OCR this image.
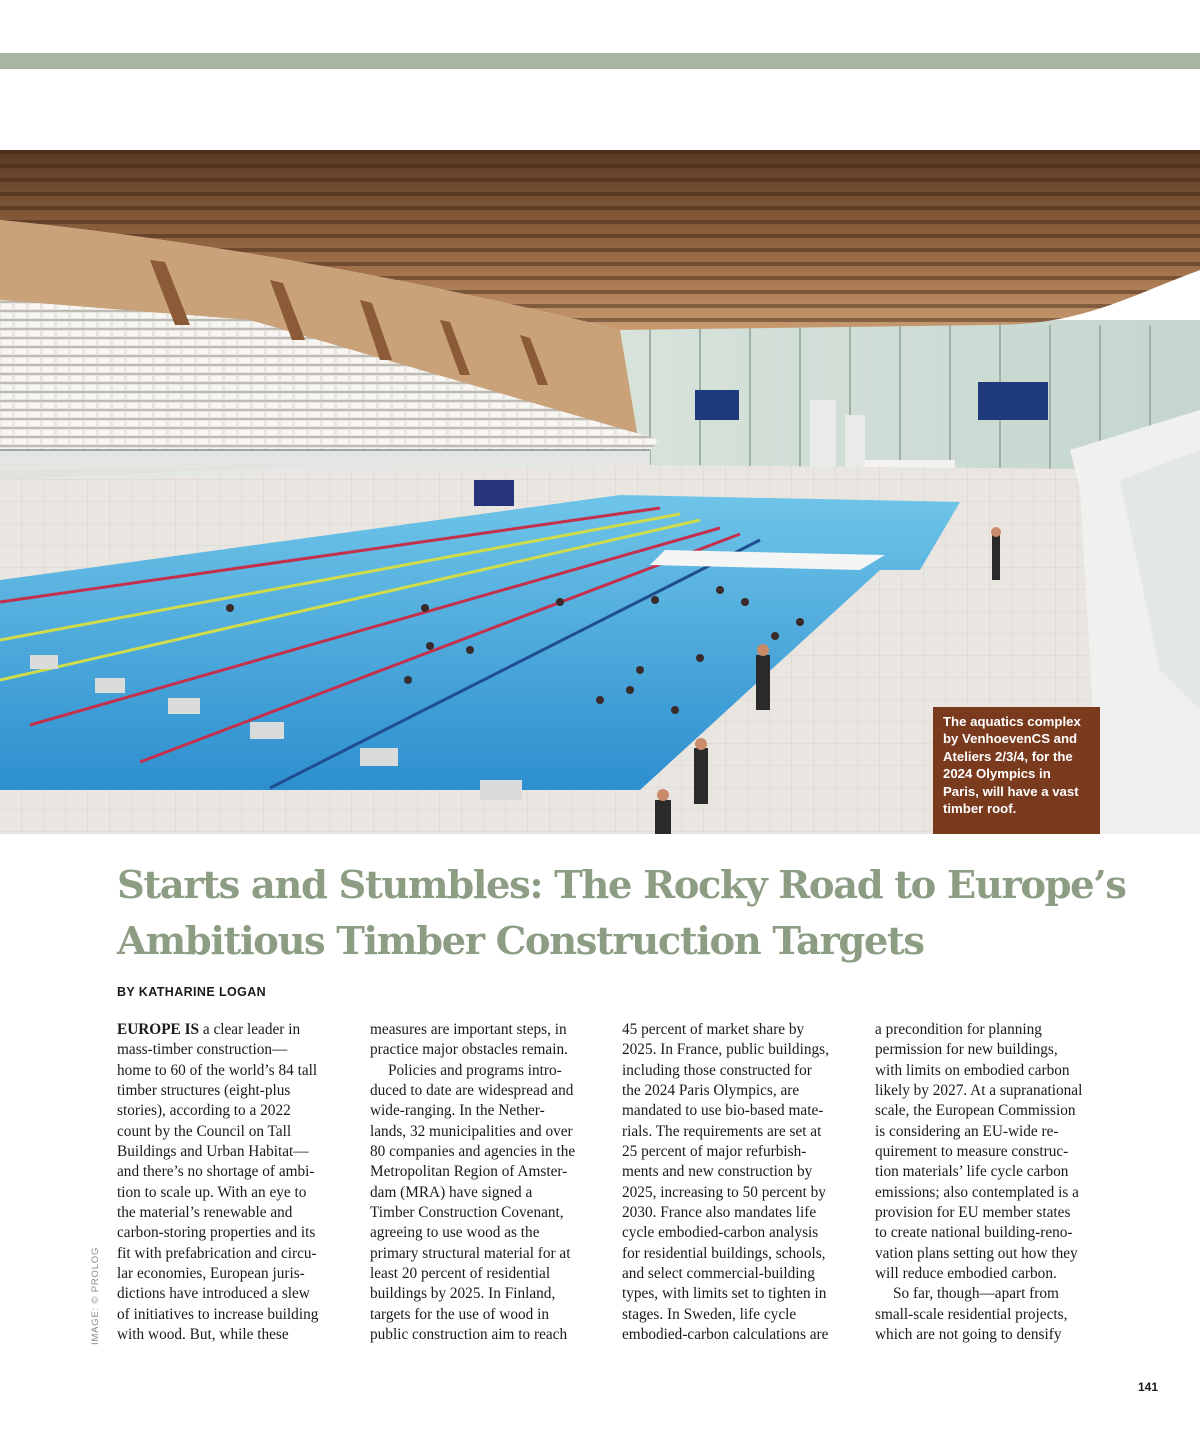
The aquatics complex
by VenhoevenCS and
Ateliers 2/3/4, for the
2024 Olympics in
Paris, will have a vast
timber roof.
Starts and Stumbles: The Rocky Road to Europe’s
Ambitious Timber Construction Targets
BY KATHARINE LOGAN
EUROPE IS a clear leader in
mass-timber construction—
home to 60 of the world’s 84 tall
timber structures (eight-plus
stories), according to a 2022
count by the Council on Tall
Buildings and Urban Habitat—
and there’s no shortage of ambi-
tion to scale up. With an eye to
the material’s renewable and
carbon-storing properties and its
fit with prefabrication and circu-
lar economies, European juris-
dictions have introduced a slew
of initiatives to increase building
with wood. But, while these
measures are important steps, in
practice major obstacles remain.
Policies and programs intro-
duced to date are widespread and
wide-ranging. In the Nether-
lands, 32 municipalities and over
80 companies and agencies in the
Metropolitan Region of Amster-
dam (MRA) have signed a
Timber Construction Covenant,
agreeing to use wood as the
primary structural material for at
least 20 percent of residential
buildings by 2025. In Finland,
targets for the use of wood in
public construction aim to reach
45 percent of market share by
2025. In France, public buildings,
including those constructed for
the 2024 Paris Olympics, are
mandated to use bio-based mate-
rials. The requirements are set at
25 percent of major refurbish-
ments and new construction by
2025, increasing to 50 percent by
2030. France also mandates life
cycle embodied-carbon analysis
for residential buildings, schools,
and select commercial-building
types, with limits set to tighten in
stages. In Sweden, life cycle
embodied-carbon calculations are
a precondition for planning
permission for new buildings,
with limits on embodied carbon
likely by 2027. At a supranational
scale, the European Commission
is considering an EU-wide re-
quirement to measure construc-
tion materials’ life cycle carbon
emissions; also contemplated is a
provision for EU member states
to create national building-reno-
vation plans setting out how they
will reduce embodied carbon.
So far, though—apart from
small-scale residential projects,
which are not going to densify
IMAGE: © PROLOG
141
